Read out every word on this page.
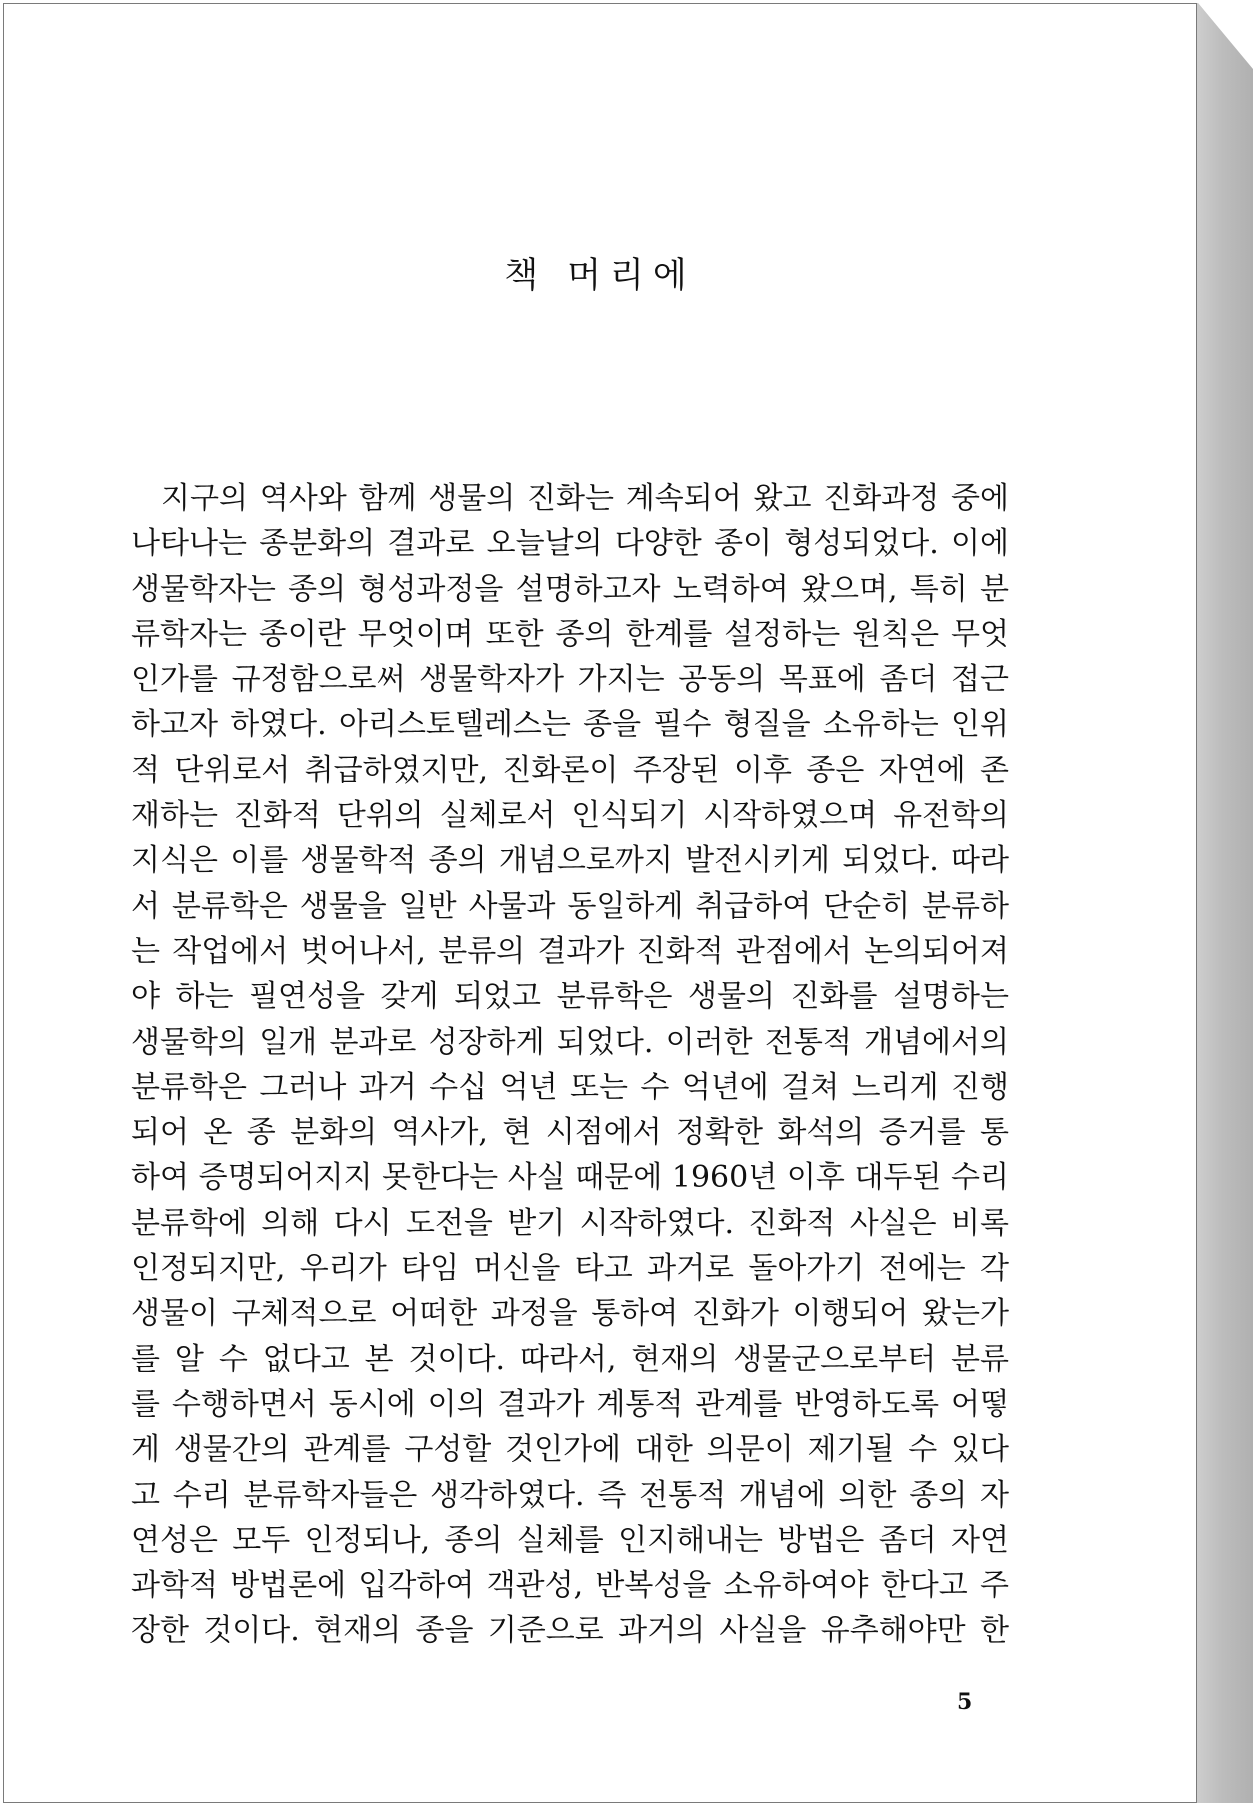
책 머리에
지구의 역사와 함께 생물의 진화는 계속되어 왔고 진화과정 중에
나타나는 종분화의 결과로 오늘날의 다양한 종이 형성되었다. 이에
생물학자는 종의 형성과정을 설명하고자 노력하여 왔으며, 특히 분
류학자는 종이란 무엇이며 또한 종의 한계를 설정하는 원칙은 무엇
인가를 규정함으로써 생물학자가 가지는 공동의 목표에 좀더 접근
하고자 하였다. 아리스토텔레스는 종을 필수 형질을 소유하는 인위
적 단위로서 취급하였지만, 진화론이 주장된 이후 종은 자연에 존
재하는 진화적 단위의 실체로서 인식되기 시작하였으며 유전학의
지식은 이를 생물학적 종의 개념으로까지 발전시키게 되었다. 따라
서 분류학은 생물을 일반 사물과 동일하게 취급하여 단순히 분류하
는 작업에서 벗어나서, 분류의 결과가 진화적 관점에서 논의되어져
야 하는 필연성을 갖게 되었고 분류학은 생물의 진화를 설명하는
생물학의 일개 분과로 성장하게 되었다. 이러한 전통적 개념에서의
분류학은 그러나 과거 수십 억년 또는 수 억년에 걸쳐 느리게 진행
되어 온 종 분화의 역사가, 현 시점에서 정확한 화석의 증거를 통
하여 증명되어지지 못한다는 사실 때문에 1960년 이후 대두된 수리
분류학에 의해 다시 도전을 받기 시작하였다. 진화적 사실은 비록
인정되지만, 우리가 타임 머신을 타고 과거로 돌아가기 전에는 각
생물이 구체적으로 어떠한 과정을 통하여 진화가 이행되어 왔는가
를 알 수 없다고 본 것이다. 따라서, 현재의 생물군으로부터 분류
를 수행하면서 동시에 이의 결과가 계통적 관계를 반영하도록 어떻
게 생물간의 관계를 구성할 것인가에 대한 의문이 제기될 수 있다
고 수리 분류학자들은 생각하였다. 즉 전통적 개념에 의한 종의 자
연성은 모두 인정되나, 종의 실체를 인지해내는 방법은 좀더 자연
과학적 방법론에 입각하여 객관성, 반복성을 소유하여야 한다고 주
장한 것이다. 현재의 종을 기준으로 과거의 사실을 유추해야만 한
5
